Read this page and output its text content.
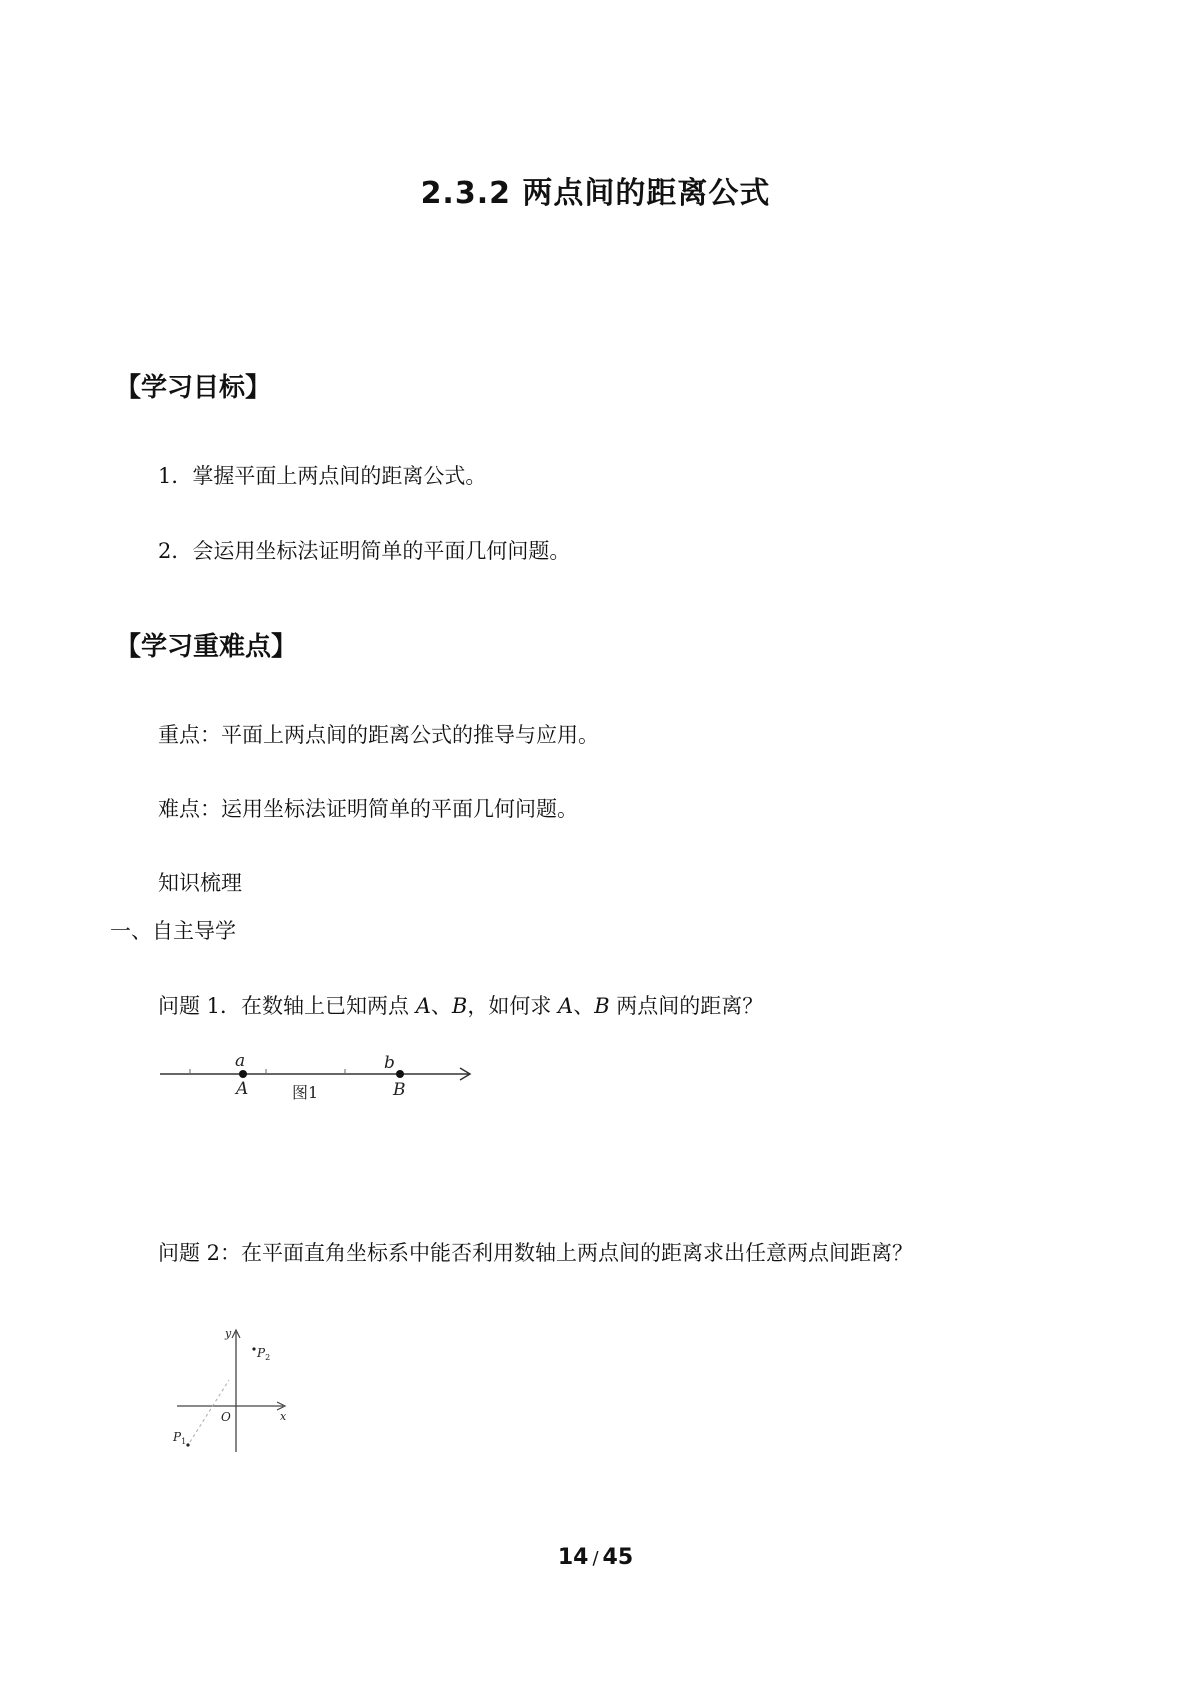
2.3.2 两点间的距离公式
【学习目标】
1．掌握平面上两点间的距离公式。
2．会运用坐标法证明简单的平面几何问题。
【学习重难点】
重点：平面上两点间的距离公式的推导与应用。
难点：运用坐标法证明简单的平面几何问题。
知识梳理
一、自主导学
问题 1．在数轴上已知两点 A、B，如何求 A、B 两点间的距离？
a	b
A	B
图1
问题 2：在平面直角坐标系中能否利用数轴上两点间的距离求出任意两点间距离？
y
x
O
$P_1$
$P_2$
14 / 45
